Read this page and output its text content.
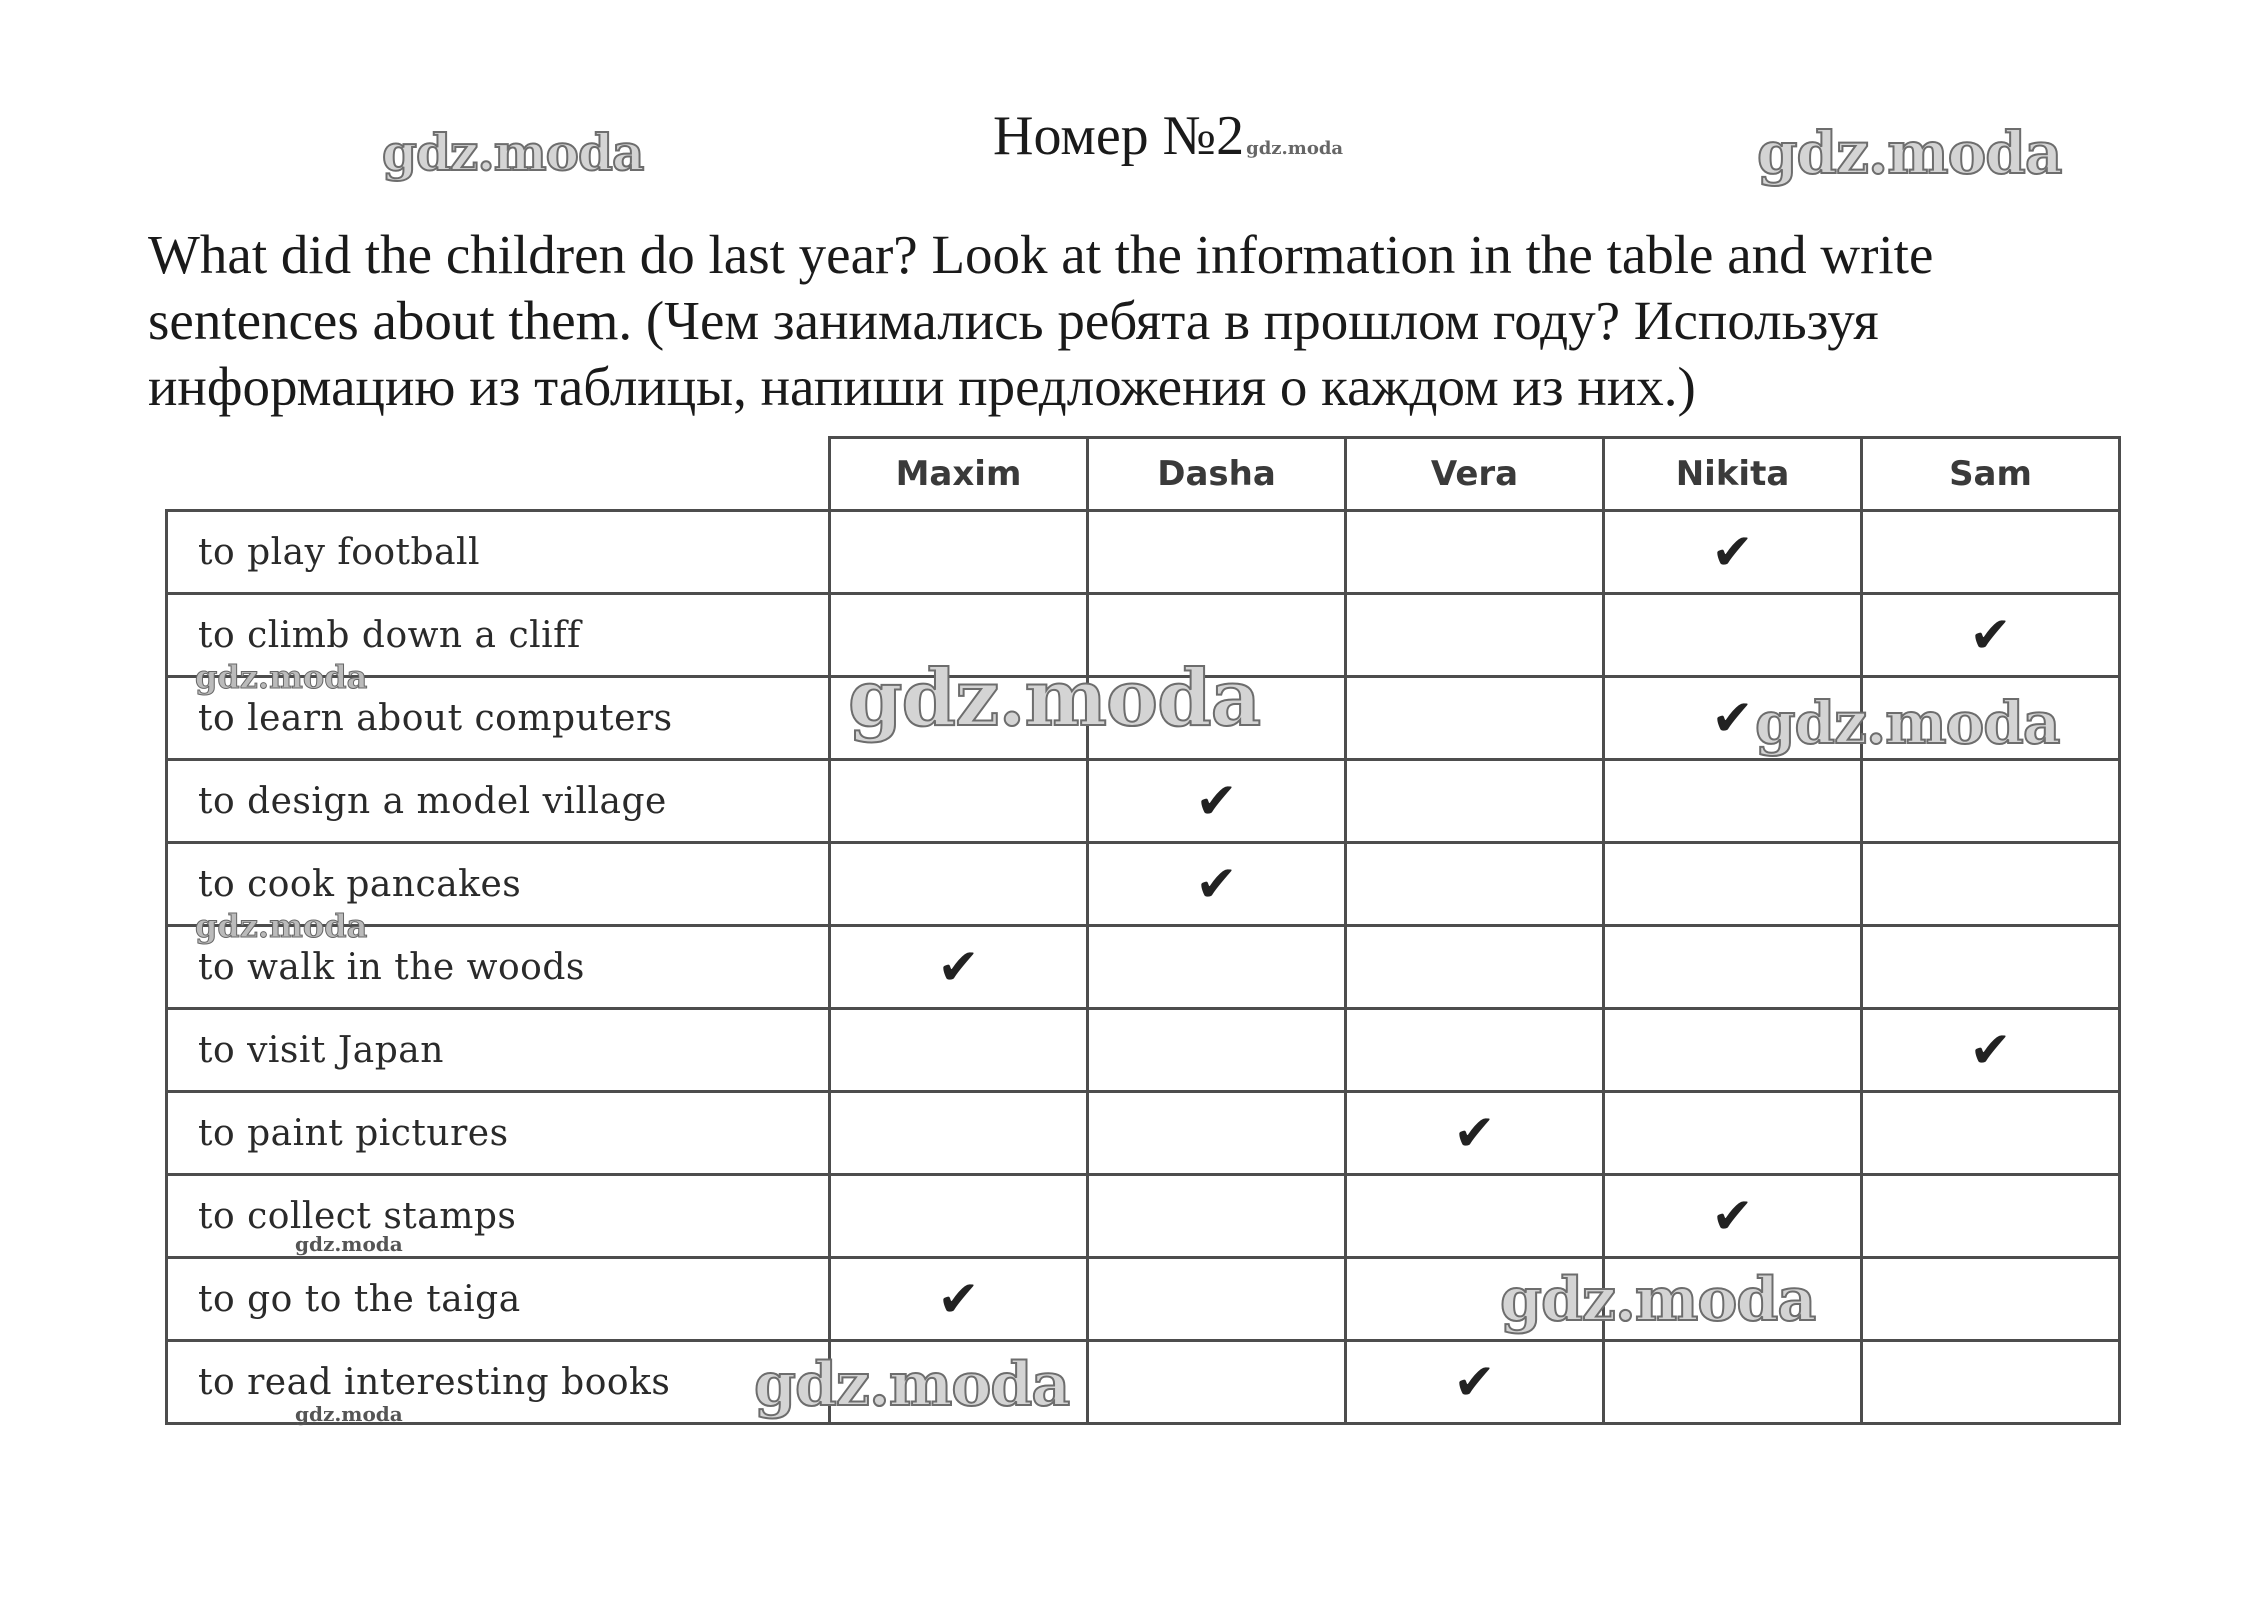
gdz.moda	Номер №2 gdz.moda	gdz.moda

What did the children do last year? Look at the information in the table and write sentences about them. (Чем занимались ребята в прошлом году? Используя информацию из таблицы, напиши предложения о каждом из них.)

	Maxim	Dasha	Vera	Nikita	Sam
to play football				✔	
to climb down a cliff					✔
to learn about computers				✔	
to design a model village		✔			
to cook pancakes		✔			
to walk in the woods	✔				
to visit Japan					✔
to paint pictures			✔		
to collect stamps				✔	
to go to the taiga	✔				
to read interesting books			✔		
gdz.moda	gdz.moda
gdz.moda
gdz.moda
gdz.moda
gdz.moda
gdz.moda
gdz.moda
